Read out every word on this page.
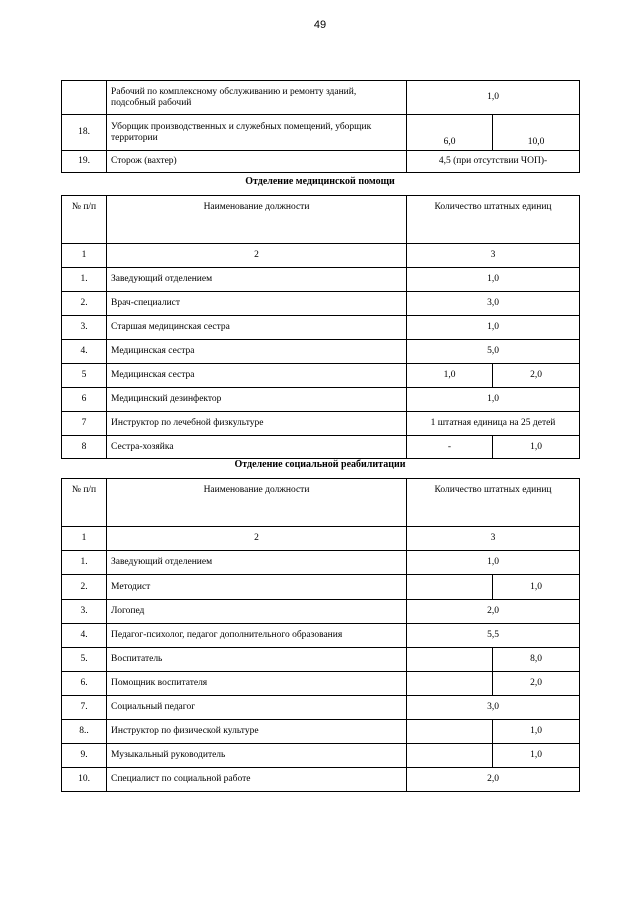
49
	Рабочий по комплексному обслуживанию и ремонту зданий, подсобный рабочий	1,0	
18.	Уборщик производственных и служебных помещений, уборщик территории	6,0	10,0
19.	Сторож (вахтер)	4,5 (при отсутствии ЧОП)-	
Отделение медицинской помощи
№ п/п	Наименование должности	Количество штатных единиц	
1	2	3	
1.	Заведующий отделением	1,0	
2.	Врач-специалист	3,0	
3.	Старшая медицинская сестра	1,0	
4.	Медицинская сестра	5,0	
5	Медицинская сестра	1,0	2,0
6	Медицинский дезинфектор	1,0	
7	Инструктор по лечебной физкультуре	1 штатная единица на 25 детей	
8	Сестра-хозяйка	-	1,0
Отделение социальной реабилитации
№ п/п	Наименование должности	Количество штатных единиц	
1	2	3	
1.	Заведующий отделением	1,0	
2.	Методист		1,0
3.	Логопед	2,0	
4.	Педагог-психолог, педагог дополнительного образования	5,5	
5.	Воспитатель		8,0
6.	Помощник воспитателя		2,0
7.	Социальный педагог	3,0	
8..	Инструктор по физической культуре		1,0
9.	Музыкальный руководитель		1,0
10.	Специалист по социальной работе	2,0	
